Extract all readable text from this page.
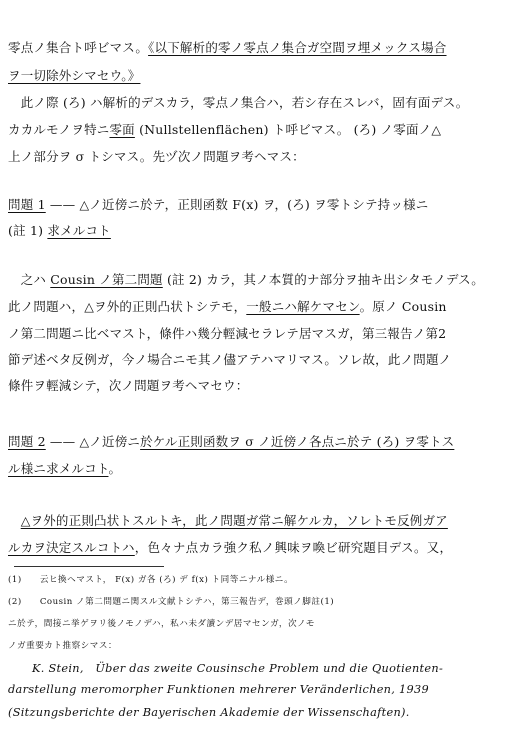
零点ノ集合ト呼ビマス。《以下解析的零ノ零点ノ集合ガ空間ヲ埋メックス場合
ヲ一切除外シマセウ。》
　此ノ際 (ろ) ハ解析的デスカラ，零点ノ集合ハ，若シ存在スレバ，固有面デス。
カカルモノヲ特ニ零面 (Nullstellenflächen) ト呼ビマス。 (ろ) ノ零面ノ△
上ノ部分ヲ σ トシマス。先ヅ次ノ問題ヲ考ヘマス：
問題 1 —— △ノ近傍ニ於テ，正則函数 F(x) ヲ，(ろ) ヲ零トシテ持ッ様ニ
(註 1) 求メルコト
　之ハ Cousin ノ第二問題 (註 2) カラ，其ノ本質的ナ部分ヲ抽キ出シタモノデス。
此ノ問題ハ，△ヲ外的正則凸状トシテモ，一般ニハ解ケマセン。原ノ Cousin
ノ第二問題ニ比ベマスト，條件ハ幾分輕減セラレテ居マスガ，第三報告ノ第2
節デ述ベタ反例ガ，今ノ場合ニモ其ノ儘アテハマリマス。ソレ故，此ノ問題ノ
條件ヲ輕減シテ，次ノ問題ヲ考ヘマセウ：
問題 2 —— △ノ近傍ニ於ケル正則函数ヲ σ ノ近傍ノ各点ニ於テ (ろ) ヲ零トス
ル様ニ求メルコト。
　△ヲ外的正則凸状トスルトキ，此ノ問題ガ常ニ解ケルカ，ソレトモ反例ガア
ルカヲ決定スルコトハ，色々ナ点カラ強ク私ノ興味ヲ喚ビ研究題目デス。又，
(1)　　云ヒ換ヘマスト， F(x) ガ各 (ろ) デ f(x) ト同等ニナル様ニ。
(2)　　Cousin ノ第二問題ニ関スル文献トシテハ，第三報告デ，巻頭ノ脚註(1)
ニ於テ，間接ニ挙ゲヲリ後ノモノデハ，私ハ未ダ讀ンデ居マセンガ，次ノモ
ノガ重要カト推察シマス：
K. Stein,　Über das zweite Cousinsche Problem und die Quotienten-
darstellung meromorpher Funktionen mehrerer Veränderlichen, 1939
(Sitzungsberichte der Bayerischen Akademie der Wissenschaften).
